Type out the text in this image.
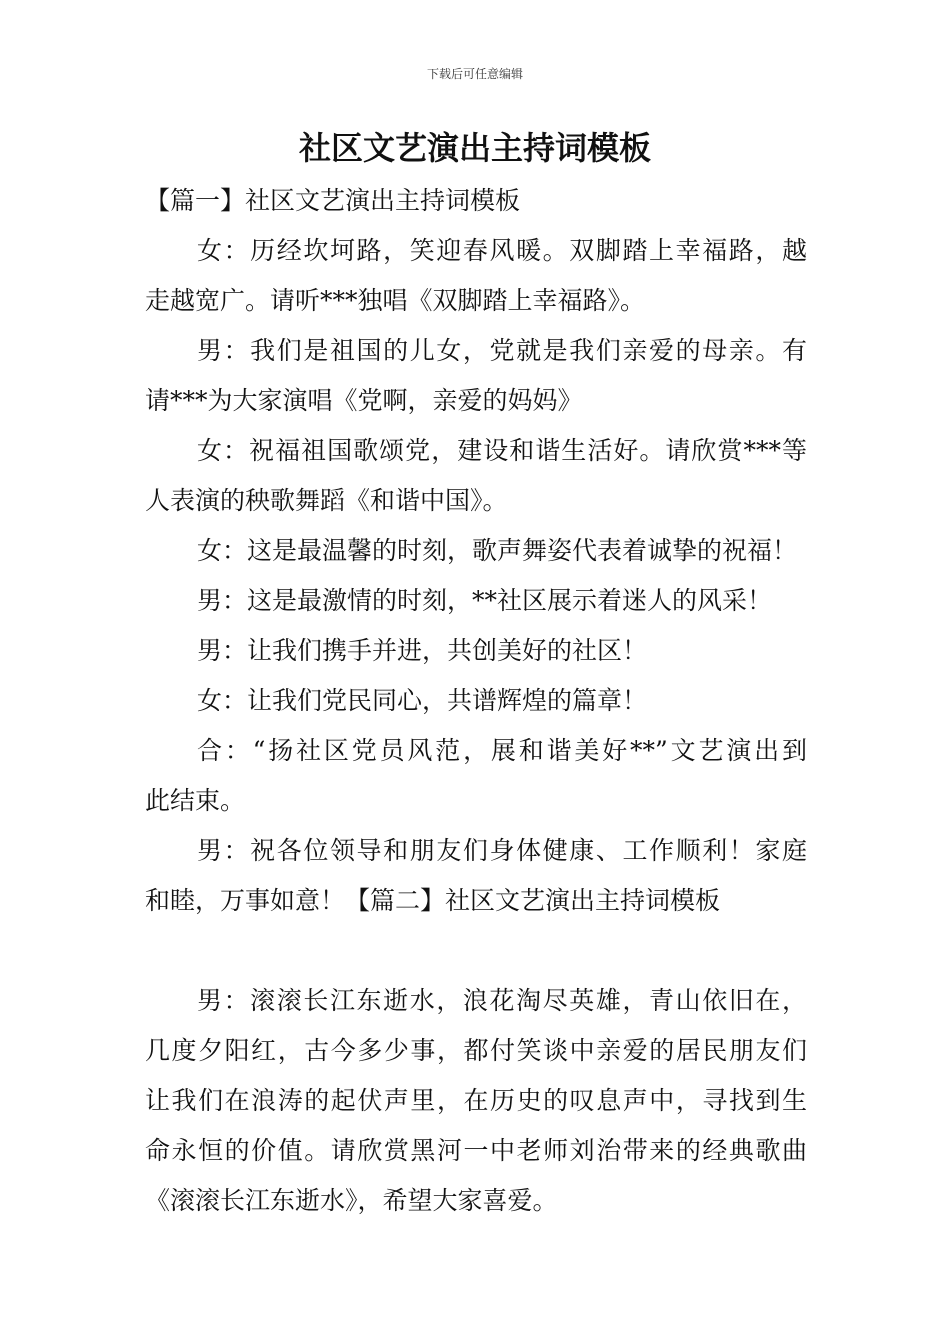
下载后可任意编辑
社区文艺演出主持词模板

【篇一】社区文艺演出主持词模板

女：历经坎坷路，笑迎春风暖。双脚踏上幸福路，越

走越宽广。请听***独唱《双脚踏上幸福路》。

男：我们是祖国的儿女，党就是我们亲爱的母亲。有

请***为大家演唱《党啊，亲爱的妈妈》

女：祝福祖国歌颂党，建设和谐生活好。请欣赏***等

人表演的秧歌舞蹈《和谐中国》。

女：这是最温馨的时刻，歌声舞姿代表着诚挚的祝福！

男：这是最激情的时刻，**社区展示着迷人的风采！

男：让我们携手并进，共创美好的社区！

女：让我们党民同心，共谱辉煌的篇章！

合：“扬社区党员风范，展和谐美好**”文艺演出到

此结束。

男：祝各位领导和朋友们身体健康、工作顺利！家庭

和睦，万事如意！【篇二】社区文艺演出主持词模板

男：滚滚长江东逝水，浪花淘尽英雄，青山依旧在，

几度夕阳红，古今多少事，都付笑谈中亲爱的居民朋友们

让我们在浪涛的起伏声里，在历史的叹息声中，寻找到生

命永恒的价值。请欣赏黑河一中老师刘治带来的经典歌曲

《滚滚长江东逝水》，希望大家喜爱。
